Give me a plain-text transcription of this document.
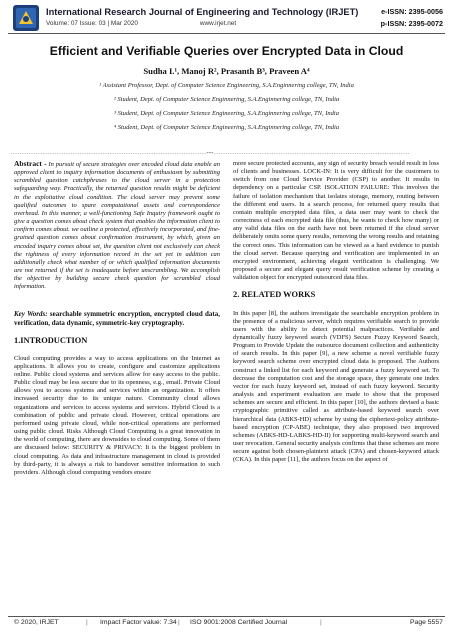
International Research Journal of Engineering and Technology (IRJET)
Volume: 07 Issue: 03 | Mar 2020	www.irjet.net
e-ISSN: 2395-0056
p-ISSN: 2395-0072
Efficient and Verifiable Queries over Encrypted Data in Cloud
Sudha I.¹, Manoj R², Prasanth B³, Praveen A⁴
¹ Assistant Professor, Dept. of Computer Science Engineering, S.A.Enginnering college, TN, India
² Student, Dept. of Computer Science Enginnering, S.A.Enginnering college, TN, India
³ Student, Dept. of Computer Science Engineering, S.A.Enginnering college, TN, India
⁴ Student, Dept. of Computer Science Engineering, S.A.Enginnering college, TN, India
-------------------------------------------------------------------------------------***-------------------------------------------------------------------------------------

Abstract - In pursuit of secure strategies over encoded cloud data enable an approved client to inquiry information documents of enthusiasm by submitting scrambled question catchphrases to the cloud server in a protection safeguarding way. Practically, the returned question results might be deficient in the exploitative cloud condition. The cloud server may prevent some qualified outcomes to spare computational assets and correspondence overhead. In this manner, a well-functioning Safe Inquiry framework ought to give a question comes about check system that enables the information client to confirm comes about. we outline a protected, effectively incorporated, and fine-grained question comes about confirmation instrument, by which, given an encoded inquiry comes about set, the question client not exclusively can check the rightness of every information record in the set yet in addition can additionally check what number of or which qualified information documents are not returned if the set is inadequate before unscrambling. We accomplish the objective by building secure check question for scrambled cloud information.

Key Words: searchable symmetric encryption, encrypted cloud data, verification, data dynamic, symmetric-key cryptography.

1.INTRODUCTION

Cloud computing provides a way to access applications on the Internet as applications. It allows you to create, configure and customize applications online. Public cloud systems and services allow for easy access to the public. Public cloud may be less secure due to its openness, e.g., email. Private Cloud allows you to access systems and services within an organization. It offers increased security due to its unique nature. Community cloud allows organizations and services to access systems and services. Hybrid Cloud is a combination of public and private cloud. However, critical operations are performed using private cloud, while non-critical operations are performed using public cloud. Risks Although Cloud Computing is a great innovation in the world of computing, there are downsides to cloud computing. Some of them are discussed below: SECURITY & PRIVACY: It is the biggest problem in cloud computing. As data and infrastructure management in cloud is provided by third-party, it is always a risk to handover sensitive information to such providers. Although cloud computing vendors ensure

more secure protected accounts, any sign of security breach would result in loss of clients and businesses. LOCK-IN: It is very difficult for the customers to switch from one Cloud Service Provider (CSP) to another. It results in dependency on a particular CSP. ISOLATION FAILURE: This involves the failure of isolation mechanism that isolates storage, memory, routing between the different end users. In a search process, for returned query results that contain multiple encrypted data files, a data user may want to check the correctness of each encrypted data file (thus, he wants to check how many) or any valid data files on the earth have not been returned if the cloud server deliberately omits some query results, removing the wrong results and retaining the correct ones. This information can be viewed as a hard evidence to punish the cloud server. Because querying and verification are implemented in an encrypted environment, achieving elegant verification is challenging. We proposed a secure and elegant query result verification scheme by creating a validation object for encrypted outsourced data files.

2. RELATED WORKS

In this paper [8], the authors investigate the searchable encryption problem in the presence of a malicious server, which requires verifiable search to provide users with the ability to detect potential malpractices. Verifiable and dynamically fuzzy keyword search (VDFS) Secure Fuzzy Keyword Search, Program to Provide Update the outsource document collection and authenticity of search results. In this paper [9], a new scheme a novel verifiable fuzzy keyword search scheme over encrypted cloud data is proposed. The Authors construct a linked list for each keyword and generate a fuzzy keyword set. To decrease the computation cost and the storage space, they generate one index vector for each fuzzy keyword set, instead of each fuzzy keyword. Security analysis and experiment evaluation are made to show that the proposed schemes are secure and efficient. In this paper [10], the authors devised a basic cryptographic primitive called as attribute-based keyword search over hierarchical data (ABKS-HD) scheme by using the ciphertext-policy attribute-based encryption (CP-ABE) technique, they also proposed two improved schemes (ABKS-HD-LABKS-HD-II) for supporting multi-keyword search and user revocation. General security analysis confirms that these schemes are more secure against both chosen-plaintext attack (CPA) and chosen-keyword attack (CKA). In this paper [11], the authors focus on the aspect of

© 2020, IRJET	| Impact Factor value: 7.34 | ISO 9001:2008 Certified Journal	|	Page 5557
